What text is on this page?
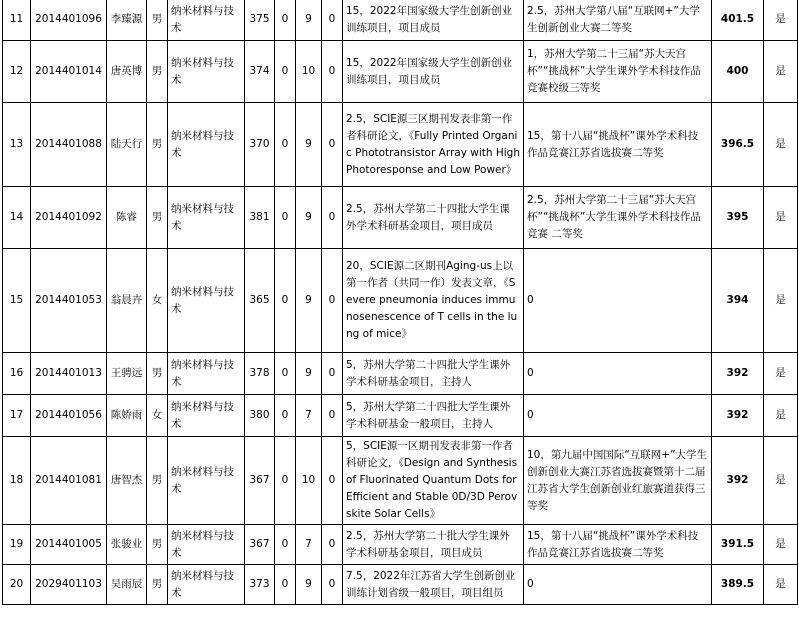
11	2014401096	李臻源	男	纳米材料与技术	375	0	9	0	15，2022年国家级大学生创新创业训练项目，项目成员	2.5，苏州大学第八届“互联网+”大学生创新创业大赛二等奖	401.5	是
12	2014401014	唐英博	男	纳米材料与技术	374	0	10	0	15，2022年国家级大学生创新创业训练项目，项目成员	1，苏州大学第二十三届“苏大天宫杯”“挑战杯”大学生课外学术科技作品竞赛校级三等奖	400	是
13	2014401088	陆天行	男	纳米材料与技术	370	0	9	0	2.5，SCIE源三区期刊发表非第一作者科研论文，《Fully Printed Organic Phototransistor Array with High Photoresponse and Low Power》	15，第十八届“挑战杯”课外学术科技作品竞赛江苏省选拔赛二等奖	396.5	是
14	2014401092	陈睿	男	纳米材料与技术	381	0	9	0	2.5，苏州大学第二十四批大学生课外学术科研基金项目，项目成员	2.5，苏州大学第二十三届“苏大天宫杯”“挑战杯”大学生课外学术科技作品竞赛 二等奖	395	是
15	2014401053	翁晨卉	女	纳米材料与技术	365	0	9	0	20，SCIE源二区期刊Aging-us上以第一作者（共同一作）发表文章，《Severe pneumonia induces immunosenescence of T cells in the lung of mice》	0	394	是
16	2014401013	王骋远	男	纳米材料与技术	378	0	9	0	5，苏州大学第二十四批大学生课外学术科研基金项目，主持人	0	392	是
17	2014401056	陈娇雨	女	纳米材料与技术	380	0	7	0	5，苏州大学第二十四批大学生课外学术科研基金一般项目，主持人	0	392	是
18	2014401081	唐智杰	男	纳米材料与技术	367	0	10	0	5，SCIE源一区期刊发表非第一作者科研论文，《Design and Synthesis of Fluorinated Quantum Dots for Efficient and Stable 0D/3D Perovskite Solar Cells》	10，第九届中国国际“互联网+”大学生创新创业大赛江苏省选拔赛暨第十二届江苏省大学生创新创业红旅赛道获得三等奖	392	是
19	2014401005	张骏业	男	纳米材料与技术	367	0	7	0	2.5，苏州大学第二十批大学生课外学术科研基金项目，项目成员	15，第十八届“挑战杯”课外学术科技作品竞赛江苏省选拔赛二等奖	391.5	是
20	2029401103	吴雨辰	男	纳米材料与技术	373	0	9	0	7.5，2022年江苏省大学生创新创业训练计划省级一般项目，项目组员	0	389.5	是
